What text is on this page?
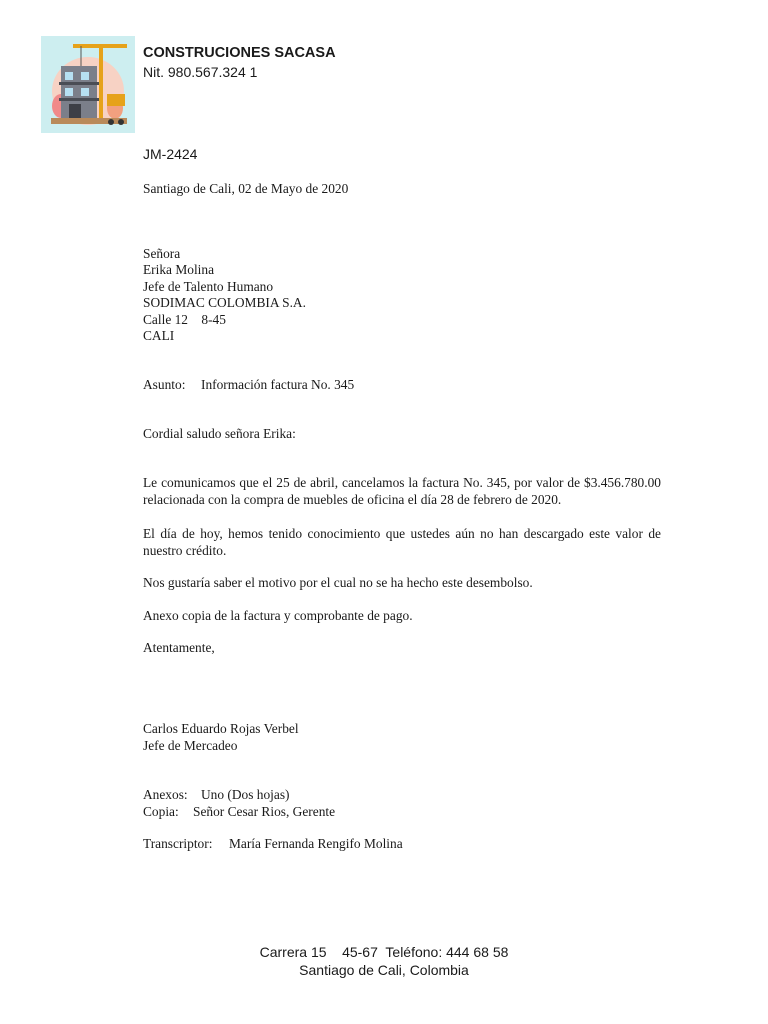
CONSTRUCIONES SACASA
Nit. 980.567.324 1
JM-2424
Santiago de Cali, 02 de Mayo de 2020
Señora
Erika Molina
Jefe de Talento Humano
SODIMAC COLOMBIA S.A.
Calle 12    8-45
CALI
Asunto: Información factura No. 345
Cordial saludo señora Erika:
Le comunicamos que el 25 de abril, cancelamos la factura No. 345, por valor de $3.456.780.00 relacionada con la compra de muebles de oficina el día 28 de febrero de 2020.
El día de hoy, hemos tenido conocimiento que ustedes aún no han descargado este valor de nuestro crédito.
Nos gustaría saber el motivo por el cual no se ha hecho este desembolso.
Anexo copia de la factura y comprobante de pago.
Atentamente,
Carlos Eduardo Rojas Verbel
Jefe de Mercadeo
Anexos: Uno (Dos hojas)
Copia: Señor Cesar Rios, Gerente
Transcriptor: María Fernanda Rengifo Molina
Carrera 15    45-67  Teléfono: 444 68 58
Santiago de Cali, Colombia
